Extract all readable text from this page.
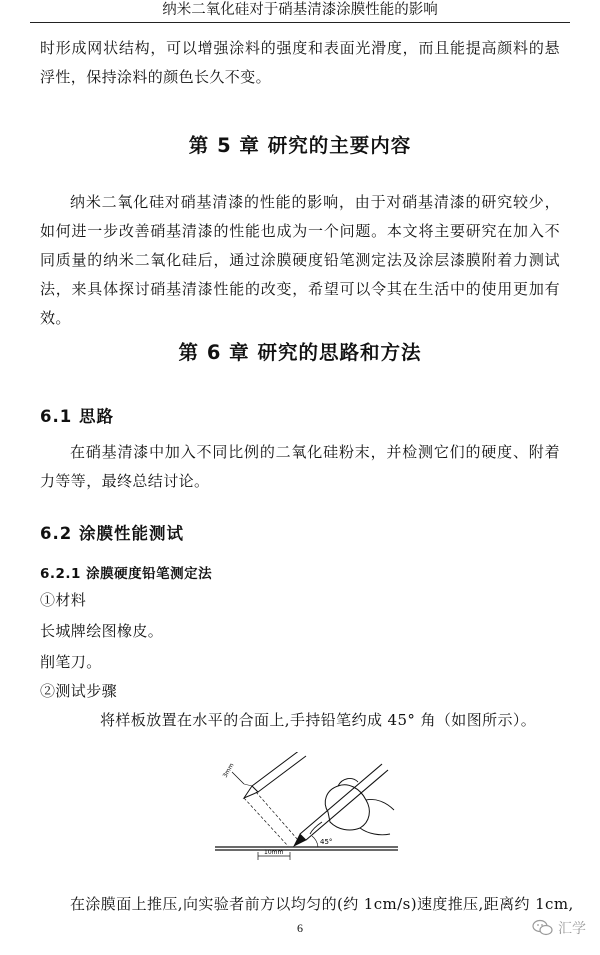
纳米二氧化硅对于硝基清漆涂膜性能的影响

时形成网状结构，可以增强涂料的强度和表面光滑度，而且能提高颜料的悬浮性，保持涂料的颜色长久不变。

第 5 章 研究的主要内容

纳米二氧化硅对硝基清漆的性能的影响，由于对硝基清漆的研究较少，如何进一步改善硝基清漆的性能也成为一个问题。本文将主要研究在加入不同质量的纳米二氧化硅后，通过涂膜硬度铅笔测定法及涂层漆膜附着力测试法，来具体探讨硝基清漆性能的改变，希望可以令其在生活中的使用更加有效。

第 6 章 研究的思路和方法
6.1 思路

在硝基清漆中加入不同比例的二氧化硅粉末，并检测它们的硬度、附着力等等，最终总结讨论。

6.2 涂膜性能测试
6.2.1 涂膜硬度铅笔测定法
①材料
长城牌绘图橡皮。
削笔刀。
②测试步骤
将样板放置在水平的合面上,手持铅笔约成 45° 角（如图所示）。
3mm
45°
10mm
在涂膜面上推压,向实验者前方以均匀的(约 1cm/s)速度推压,距离约 1cm,
6	汇学
